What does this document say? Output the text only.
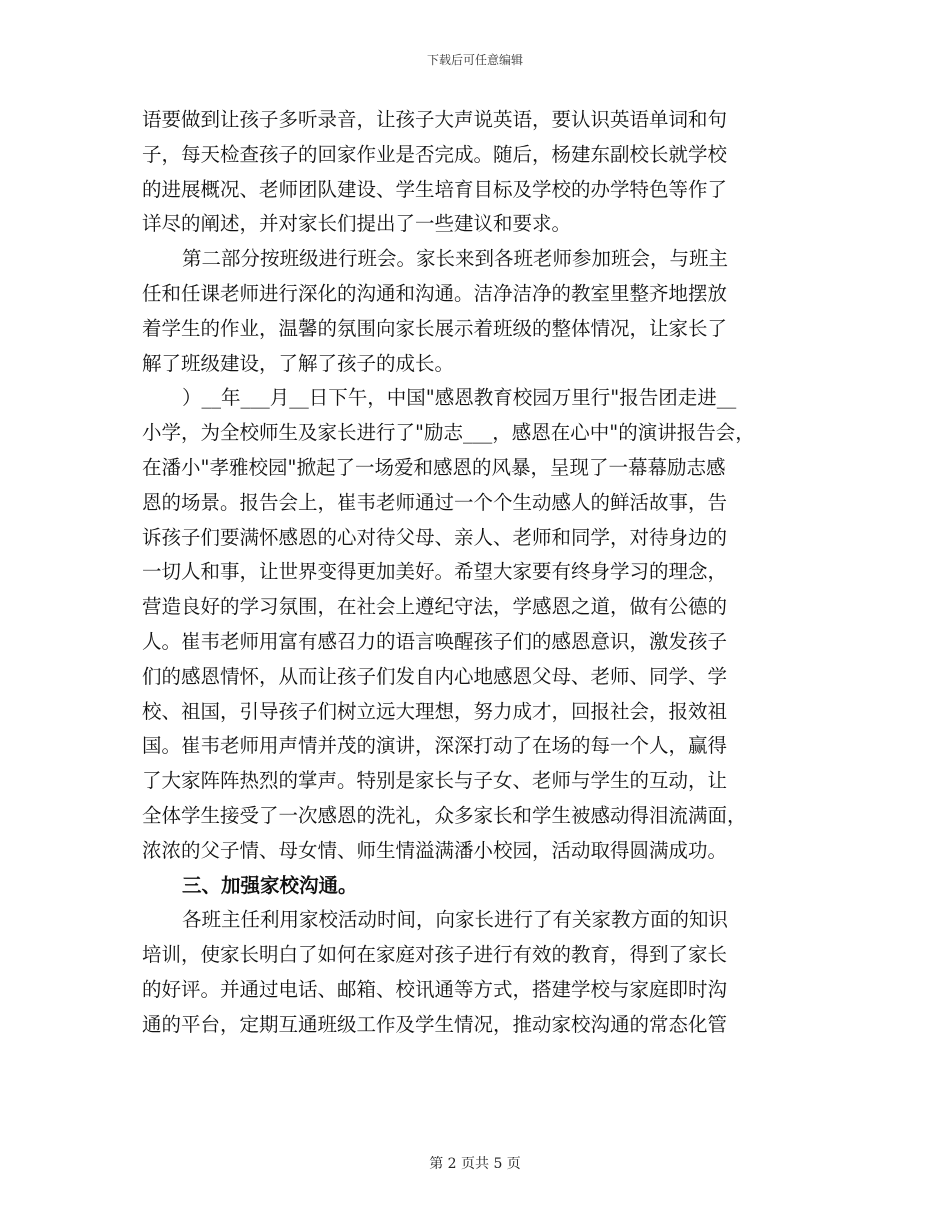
下载后可任意编辑
语要做到让孩子多听录音，让孩子大声说英语，要认识英语单词和句
子，每天检查孩子的回家作业是否完成。随后，杨建东副校长就学校
的进展概况、老师团队建设、学生培育目标及学校的办学特色等作了
详尽的阐述，并对家长们提出了一些建议和要求。
第二部分按班级进行班会。家长来到各班老师参加班会，与班主
任和任课老师进行深化的沟通和沟通。洁净洁净的教室里整齐地摆放
着学生的作业，温馨的氛围向家长展示着班级的整体情况，让家长了
解了班级建设，了解了孩子的成长。
）__年___月__日下午，中国"感恩教育校园万里行"报告团走进__
小学，为全校师生及家长进行了"励志___，感恩在心中"的演讲报告会，
在潘小"孝雅校园"掀起了一场爱和感恩的风暴，呈现了一幕幕励志感
恩的场景。报告会上，崔韦老师通过一个个生动感人的鲜活故事，告
诉孩子们要满怀感恩的心对待父母、亲人、老师和同学，对待身边的
一切人和事，让世界变得更加美好。希望大家要有终身学习的理念，
营造良好的学习氛围，在社会上遵纪守法，学感恩之道，做有公德的
人。崔韦老师用富有感召力的语言唤醒孩子们的感恩意识，激发孩子
们的感恩情怀，从而让孩子们发自内心地感恩父母、老师、同学、学
校、祖国，引导孩子们树立远大理想，努力成才，回报社会，报效祖
国。崔韦老师用声情并茂的演讲，深深打动了在场的每一个人，赢得
了大家阵阵热烈的掌声。特别是家长与子女、老师与学生的互动，让
全体学生接受了一次感恩的洗礼，众多家长和学生被感动得泪流满面，
浓浓的父子情、母女情、师生情溢满潘小校园，活动取得圆满成功。
三、加强家校沟通。
各班主任利用家校活动时间，向家长进行了有关家教方面的知识
培训，使家长明白了如何在家庭对孩子进行有效的教育，得到了家长
的好评。并通过电话、邮箱、校讯通等方式，搭建学校与家庭即时沟
通的平台，定期互通班级工作及学生情况，推动家校沟通的常态化管
第 2 页共 5 页
